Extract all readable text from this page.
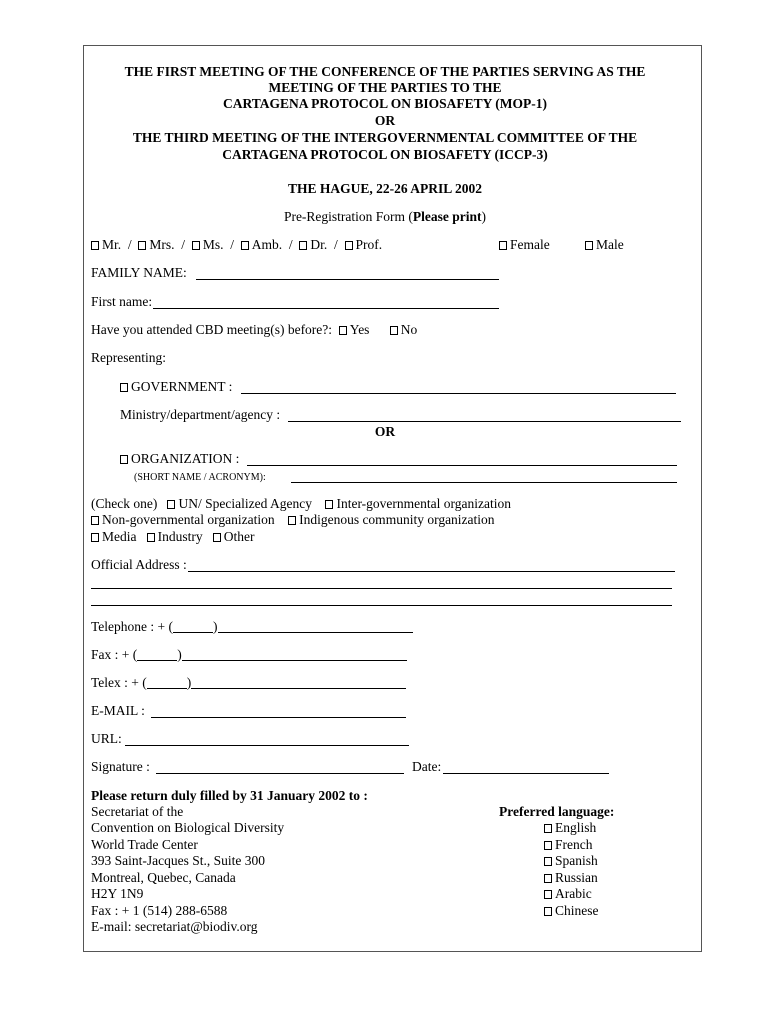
THE FIRST MEETING OF THE CONFERENCE OF THE PARTIES SERVING AS THE
MEETING OF THE PARTIES TO THE
CARTAGENA PROTOCOL ON BIOSAFETY (MOP-1)
OR
THE THIRD MEETING OF THE INTERGOVERNMENTAL COMMITTEE OF THE
CARTAGENA PROTOCOL ON BIOSAFETY (ICCP-3)
THE HAGUE, 22-26 APRIL 2002
Pre-Registration Form (Please print)
Mr. / Mrs. / Ms. / Amb. / Dr. / Prof.	Female	Male
FAMILY NAME:
First name:
Have you attended CBD meeting(s) before?: Yes No
Representing:
GOVERNMENT :
Ministry/department/agency :
OR
ORGANIZATION :
(SHORT NAME / ACRONYM):
(Check one) UN/ Specialized Agency Inter-governmental organization
Non-governmental organization Indigenous community organization
Media Industry Other
Official Address :
Telephone : + (	)
Fax : + (	)
Telex : + (	)
E-MAIL :
URL:
Signature :	Date:
Please return duly filled by 31 January 2002 to :
Secretariat of the
Convention on Biological Diversity
World Trade Center
393 Saint-Jacques St., Suite 300
Montreal, Quebec, Canada
H2Y 1N9
Fax : + 1 (514) 288-6588
E-mail: secretariat@biodiv.org
Preferred language:
English
French
Spanish
Russian
Arabic
Chinese
